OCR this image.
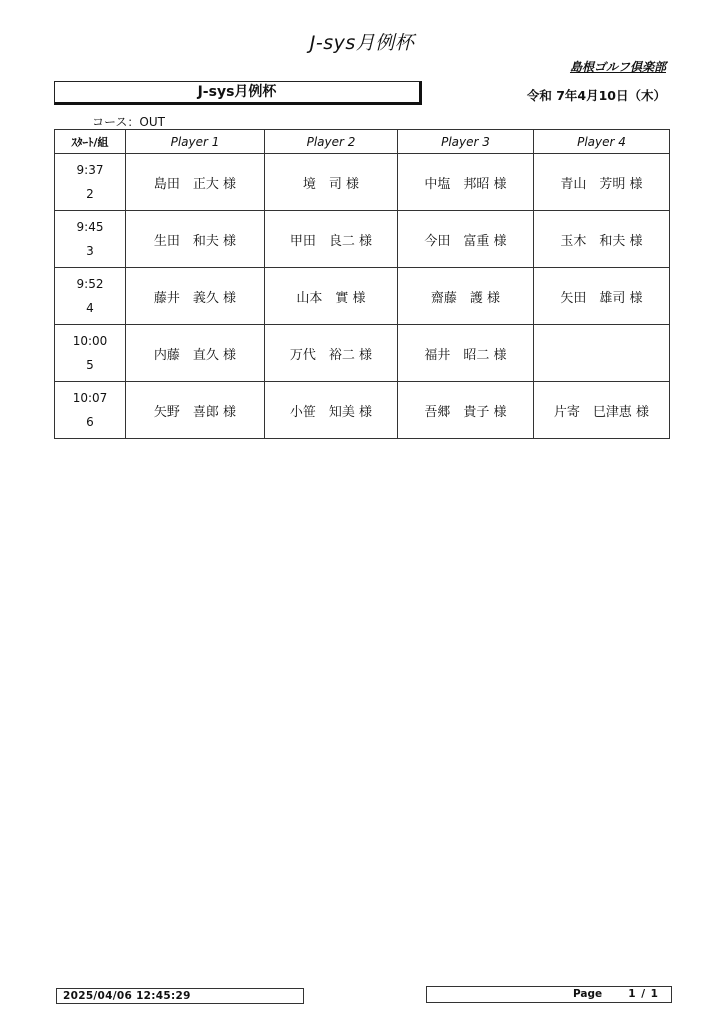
J-sys月例杯
島根ゴルフ倶楽部
J-sys月例杯	令和 7年4月10日（木）
コース：OUT
ｽﾀｰﾄ/組	Player 1	Player 2	Player 3	Player 4

9:37
2	島田　正大 様	境　司 様	中塩　邦昭 様	青山　芳明 様

9:45
3	生田　和夫 様	甲田　良二 様	今田　富重 様	玉木　和夫 様

9:52
4	藤井　義久 様	山本　實 様	齋藤　護 様	矢田　雄司 様

10:00
5	内藤　直久 様	万代　裕二 様	福井　昭二 様	

10:07
6	矢野　喜郎 様	小笹　知美 様	吾郷　貴子 様	片寄　巳津恵 様
2025/04/06 12:45:29	Page 1 / 1
